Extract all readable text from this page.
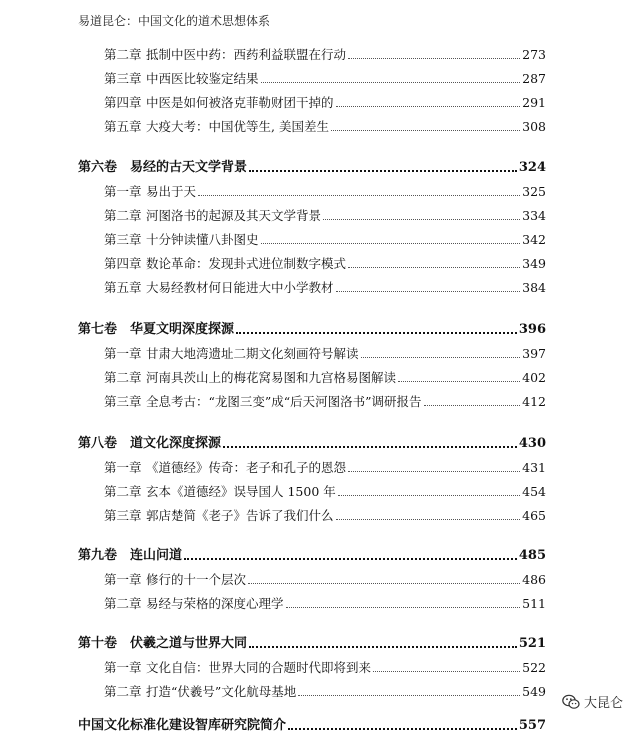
易道昆仑：中国文化的道术思想体系
第二章 抵制中医中药：西药利益联盟在行动	273
第三章 中西医比较鉴定结果	287
第四章 中医是如何被洛克菲勒财团干掉的	291
第五章 大疫大考：中国优等生, 美国差生	308
第六卷 易经的古天文学背景	324
第一章 易出于天	325
第二章 河图洛书的起源及其天文学背景	334
第三章 十分钟读懂八卦图史	342
第四章 数论革命：发现卦式进位制数字模式	349
第五章 大易经教材何日能进大中小学教材	384
第七卷 华夏文明深度探源	396
第一章 甘肃大地湾遗址二期文化刻画符号解读	397
第二章 河南具茨山上的梅花窝易图和九宫格易图解读	402
第三章 全息考古：“龙图三变”成“后天河图洛书”调研报告	412
第八卷 道文化深度探源	430
第一章 《道德经》传奇：老子和孔子的恩怨	431
第二章 玄本《道德经》误导国人 1500 年	454
第三章 郭店楚简《老子》告诉了我们什么	465
第九卷 连山问道	485
第一章 修行的十一个层次	486
第二章 易经与荣格的深度心理学	511
第十卷 伏羲之道与世界大同	521
第一章 文化自信：世界大同的合题时代即将到来	522
第二章 打造“伏羲号”文化航母基地	549
中国文化标准化建设智库研究院简介	557
大昆仑
